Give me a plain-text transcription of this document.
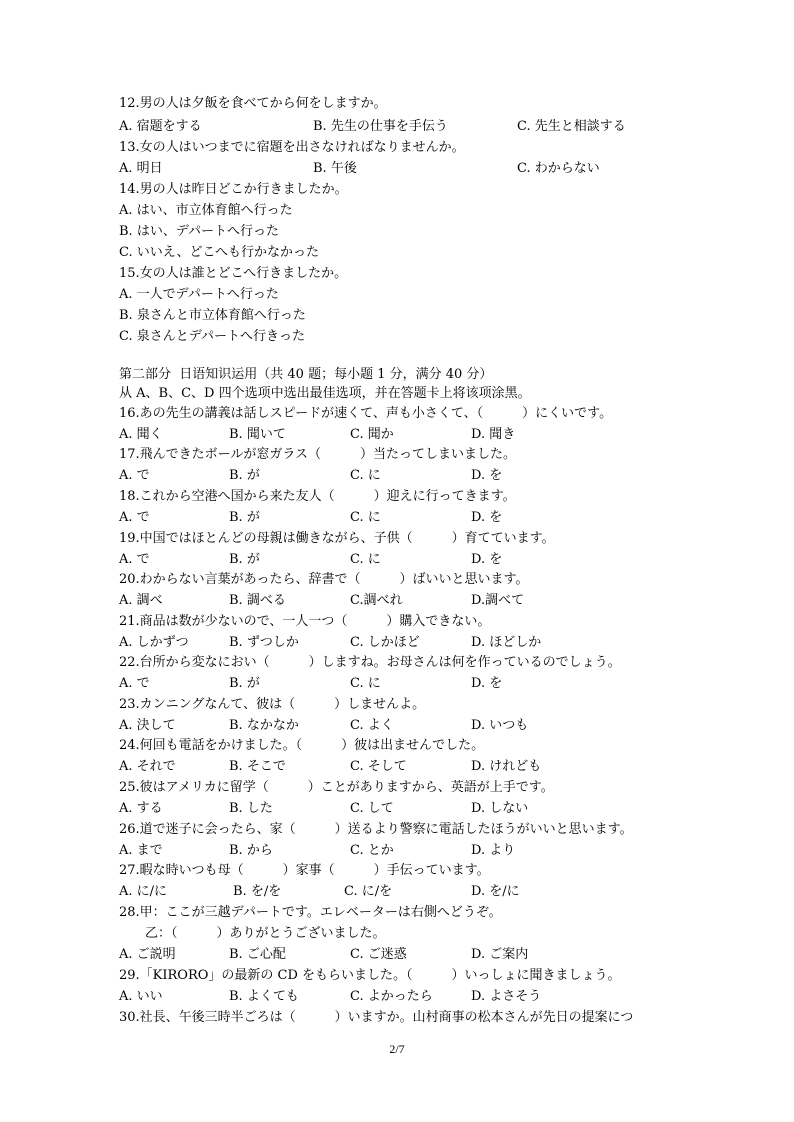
12.男の人は夕飯を食べてから何をしますか。
A. 宿题をする	B. 先生の仕事を手伝う	C. 先生と相談する
13.女の人はいつまでに宿題を出さなければなりませんか。
A. 明日	B. 午後	C. わからない
14.男の人は昨日どこか行きましたか。
A. はい、市立体育館へ行った
B. はい、デパートへ行った
C. いいえ、どこへも行かなかった
15.女の人は誰とどこへ行きましたか。
A. 一人でデパートへ行った
B. 泉さんと市立体育館へ行った
C. 泉さんとデパートへ行きった
第二部分  日语知识运用（共 40 题；每小题 1 分，满分 40 分）
从 A、B、C、D 四个选项中选出最佳选项，并在答题卡上将该项涂黑。
16.あの先生の講義は話しスピードが速くて、声も小さくて、（　　　）にくいです。
A. 聞く	B. 聞いて	C. 聞か	D. 聞き
17.飛んできたボールが窓ガラス（　　　）当たってしまいました。
A. で	B. が	C. に	D. を
18.これから空港へ国から来た友人（　　　）迎えに行ってきます。
A. で	B. が	C. に	D. を
19.中国ではほとんどの母親は働きながら、子供（　　　）育てています。
A. で	B. が	C. に	D. を
20.わからない言葉があったら、辞書で（　　　）ばいいと思います。
A. 調べ	B. 調べる	C.調べれ	D.調べて
21.商品は数が少ないので、一人一つ（　　　）購入できない。
A. しかずつ	B. ずつしか	C. しかほど	D. ほどしか
22.台所から変なにおい（　　　）しますね。お母さんは何を作っているのでしょう。
A. で	B. が	C. に	D. を
23.カンニングなんて、彼は（　　　）しませんよ。
A. 決して	B. なかなか	C. よく	D. いつも
24.何回も電話をかけました。（　　　）彼は出ませんでした。
A. それで	B. そこで	C. そして	D. けれども
25.彼はアメリカに留学（　　　）ことがありますから、英語が上手です。
A. する	B. した	C. して	D. しない
26.道で迷子に会ったら、家（　　　）送るより警察に電話したほうがいいと思います。
A. まで	B. から	C. とか	D. より
27.暇な時いつも母（　　　）家事（　　　）手伝っています。
A. に/に	B. を/を	C. に/を	D. を/に
28.甲：ここが三越デパートです。エレベーターは右側へどうぞ。
乙：（　　　）ありがとうございました。
A. ご説明	B. ご心配	C. ご迷惑	D. ご案内
29.「KIRORO」の最新の CD をもらいました。（　　　）いっしょに聞きましょう。
A. いい	B. よくても	C. よかったら	D. よさそう
30.社長、午後三時半ごろは（　　　）いますか。山村商事の松本さんが先日の提案につ
2/7
